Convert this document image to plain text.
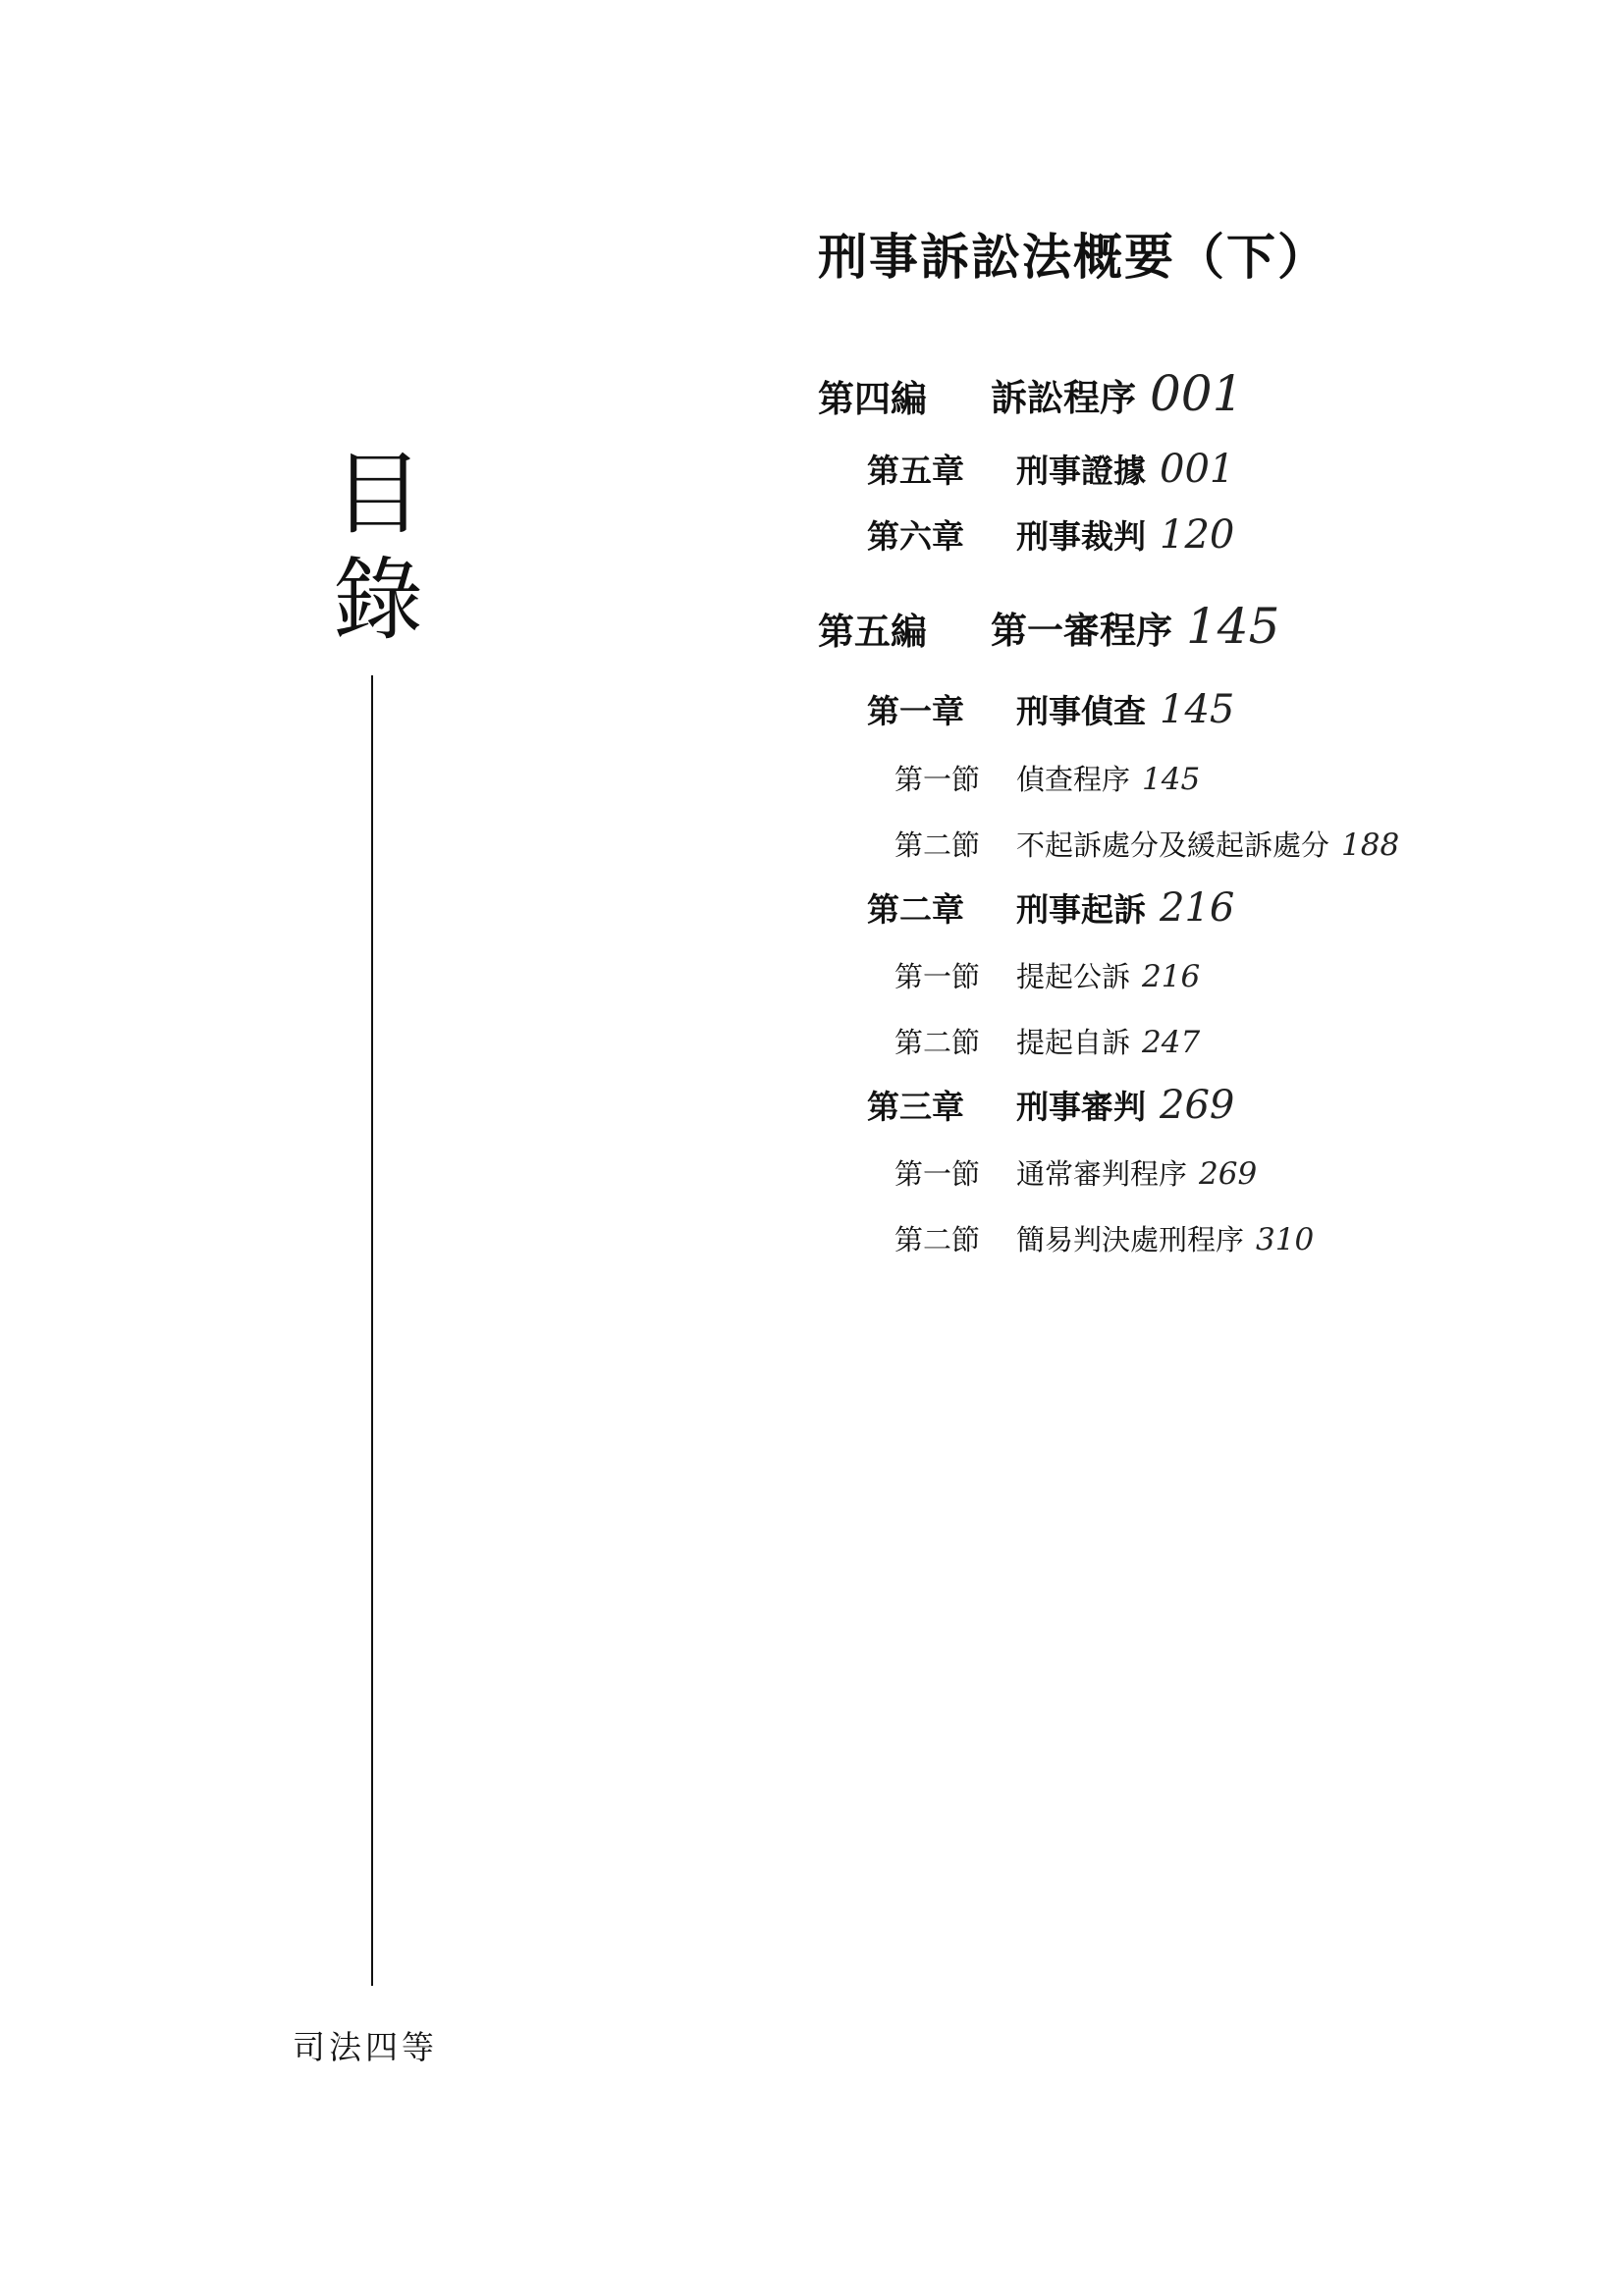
目
錄
司法四等
刑事訴訟法概要（下）
第四編 訴訟程序 001
第五章 刑事證據 001
第六章 刑事裁判 120
第五編 第一審程序 145
第一章 刑事偵查 145
第一節 偵查程序 145
第二節 不起訴處分及緩起訴處分 188
第二章 刑事起訴 216
第一節 提起公訴 216
第二節 提起自訴 247
第三章 刑事審判 269
第一節 通常審判程序 269
第二節 簡易判決處刑程序 310
